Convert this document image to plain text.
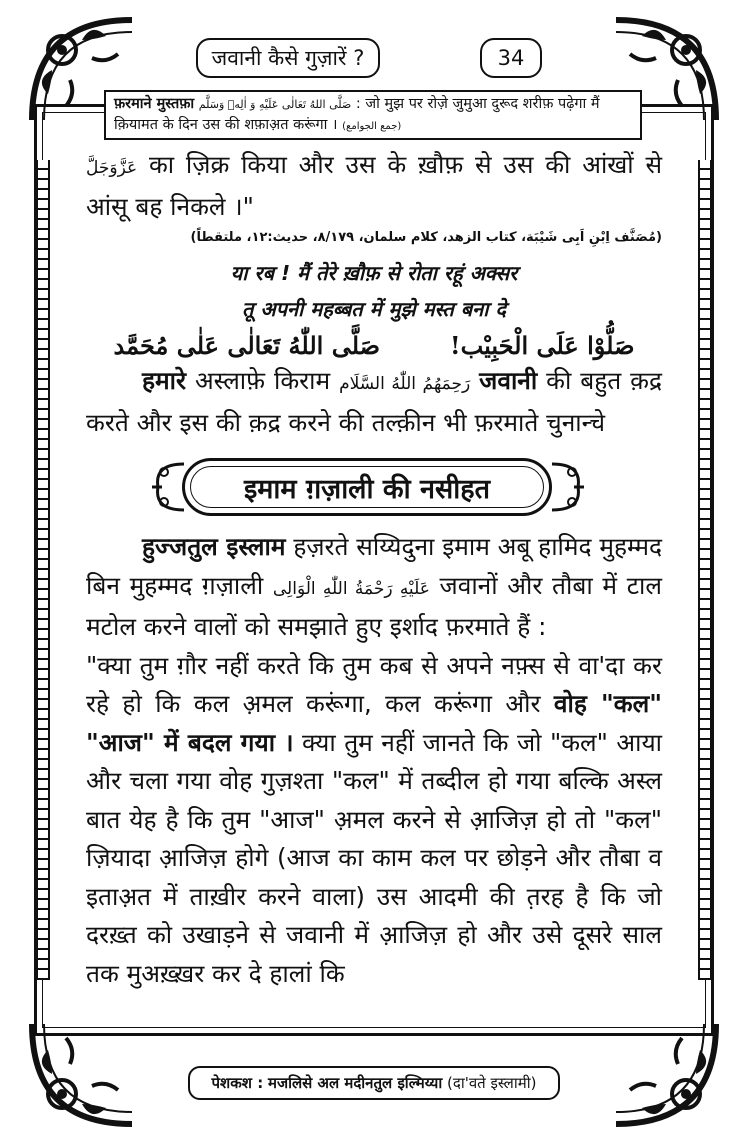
जवानी कैसे गुज़ारें ?	34
फ़रमाने मुस्तफ़ा صَلَّى اللهُ تَعَالٰى عَلَيْهِ وَ اٰلِهٖ وَسَلَّم : जो मुझ पर रोज़े जुमुआ दुरूद शरीफ़ पढ़ेगा मैं
क़ियामत के दिन उस की शफ़ाअ़त करूंगा । (جمع الجوامع)

عَزَّوَجَلَّ का ज़िक्र किया और उस के ख़ौफ़ से उस की आंखों से आंसू बह निकले ।"

(مُصَنَّف اِبْنِ اَبِی شَیْبَة، کتاب الزھد، کلام سلمان، ۸/۱۷۹، حدیث:۱۲، ملتقطاً)
या रब ! मैं तेरे ख़ौफ़ से रोता रहूं अक्सर
तू अपनी महब्बत में मुझे मस्त बना दे
صَلُّوْا عَلَى الْحَبِيْب!
صَلَّى اللّٰهُ تَعَالٰى عَلٰى مُحَمَّد

हमारे अस्लाफ़े किराम رَحِمَهُمُ اللّٰهُ السَّلَام जवानी की बहुत क़द्र करते और इस की क़द्र करने की तल्क़ीन भी फ़रमाते चुनान्चे

इमाम ग़ज़ाली की नसीहत

हुज्जतुल इस्लाम हज़रते सय्यिदुना इमाम अबू हामिद मुहम्मद बिन मुहम्मद ग़ज़ाली عَلَيْهِ رَحْمَةُ اللّٰهِ الْوَالِى जवानों और तौबा में टाल मटोल करने वालों को समझाते हुए इर्शाद फ़रमाते हैं :

"क्या तुम ग़ौर नहीं करते कि तुम कब से अपने नफ़्स से वा'दा कर रहे हो कि कल अ़मल करूंगा, कल करूंगा और वोह "कल" "आज" में बदल गया । क्या तुम नहीं जानते कि जो "कल" आया और चला गया वोह गुज़श्ता "कल" में तब्दील हो गया बल्कि अस्ल बात येह है कि तुम "आज" अ़मल करने से आ़जिज़ हो तो "कल" ज़ियादा आ़जिज़ होगे (आज का काम कल पर छोड़ने और तौबा व इताअ़त में ताख़ीर करने वाला) उस आदमी की त़रह है कि जो दरख़्त को उखाड़ने से जवानी में आ़जिज़ हो और उसे दूसरे साल तक मुअख़्ख़र कर दे हालां कि

पेशकश :
मजलिसे अल मदीनतुल इल्मिय्या
(दा'वते इस्लामी)
